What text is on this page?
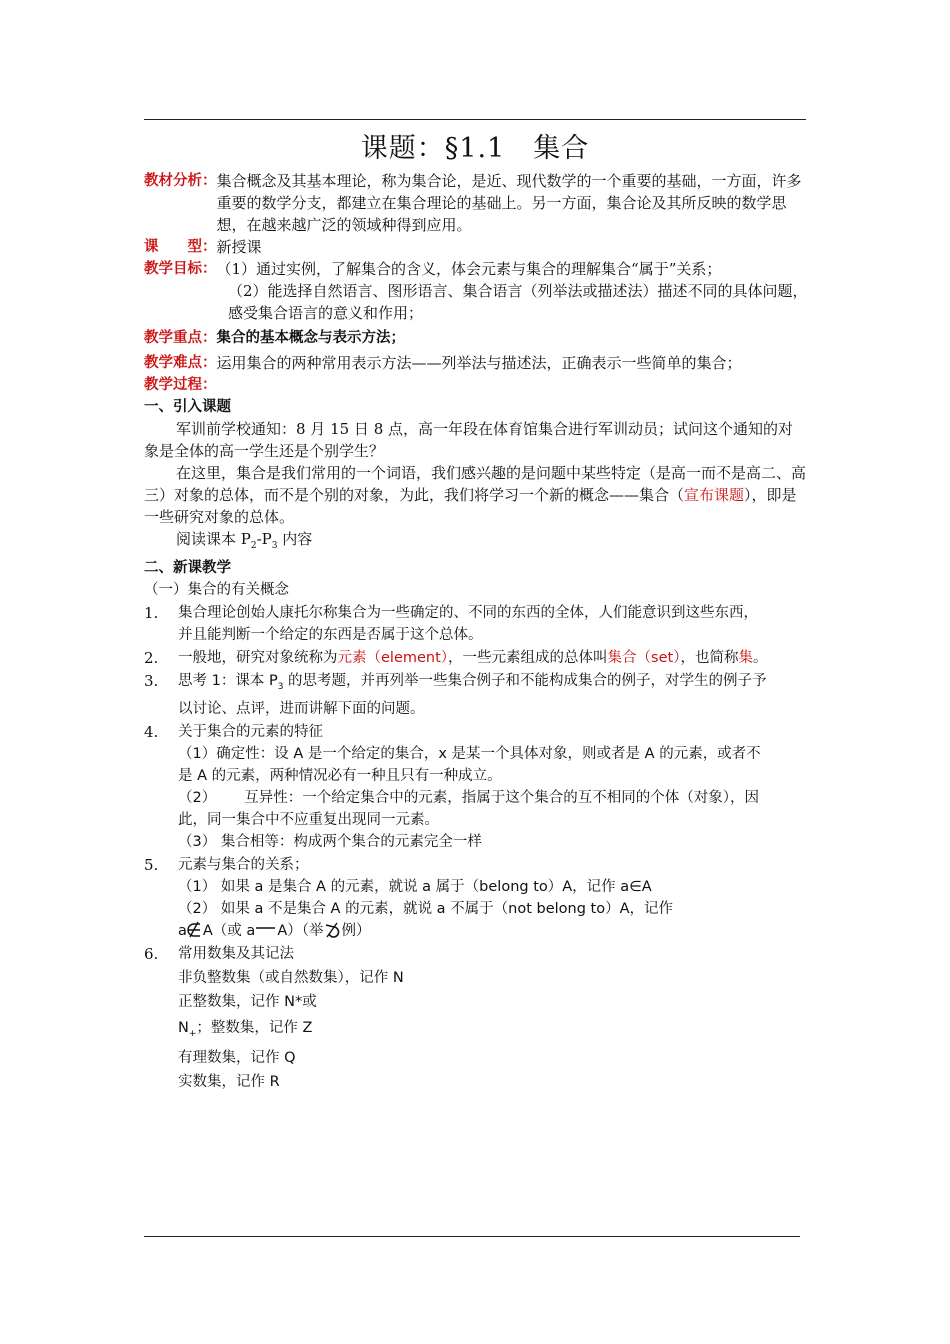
课题：§1.1　集合
教材分析： 集合概念及其基本理论，称为集合论，是近、现代数学的一个重要的基础，一方面，许多重要的数学分支，都建立在集合理论的基础上。另一方面，集合论及其所反映的数学思想，在越来越广泛的领域种得到应用。
课　　型： 新授课
教学目标： （1）通过实例，了解集合的含义，体会元素与集合的理解集合“属于”关系；
（2）能选择自然语言、图形语言、集合语言（列举法或描述法）描述不同的具体问题，感受集合语言的意义和作用；
教学重点： 集合的基本概念与表示方法；
教学难点： 运用集合的两种常用表示方法——列举法与描述法，正确表示一些简单的集合；
教学过程：
一、引入课题
军训前学校通知：8 月 15 日 8 点，高一年段在体育馆集合进行军训动员；试问这个通知的对象是全体的高一学生还是个别学生？
在这里，集合是我们常用的一个词语，我们感兴趣的是问题中某些特定（是高一而不是高二、高三）对象的总体，而不是个别的对象，为此，我们将学习一个新的概念——集合（宣布课题），即是一些研究对象的总体。
阅读课本 $P_2-P_3$ 内容
二、新课教学
（一）集合的有关概念
1.	集合理论创始人康托尔称集合为一些确定的、不同的东西的全体，人们能意识到这些东西，并且能判断一个给定的东西是否属于这个总体。
2.	一般地，研究对象统称为元素（element），一些元素组成的总体叫集合（set），也简称集。
3.	思考 1：课本 $P_3$ 的思考题，并再列举一些集合例子和不能构成集合的例子，对学生的例子予以讨论、点评，进而讲解下面的问题。
4.	关于集合的元素的特征
（1）确定性：设 A 是一个给定的集合，x 是某一个具体对象，则或者是 A 的元素，或者不是 A 的元素，两种情况必有一种且只有一种成立。
（2） 互异性：一个给定集合中的元素，指属于这个集合的互不相同的个体（对象），因此，同一集合中不应重复出现同一元素。
（3） 集合相等：构成两个集合的元素完全一样
5.	元素与集合的关系；
（1） 如果 a 是集合 A 的元素，就说 a 属于（belong to）A，记作 a∈A
（2） 如果 a 不是集合 A 的元素，就说 a 不属于（not belong to）A，记作
a A（或 a A）（举 例）
6.	常用数集及其记法
非负整数集（或自然数集），记作 N
正整数集，记作 N*或
$N_+$；整数集，记作 Z
有理数集，记作 Q
实数集，记作 R
